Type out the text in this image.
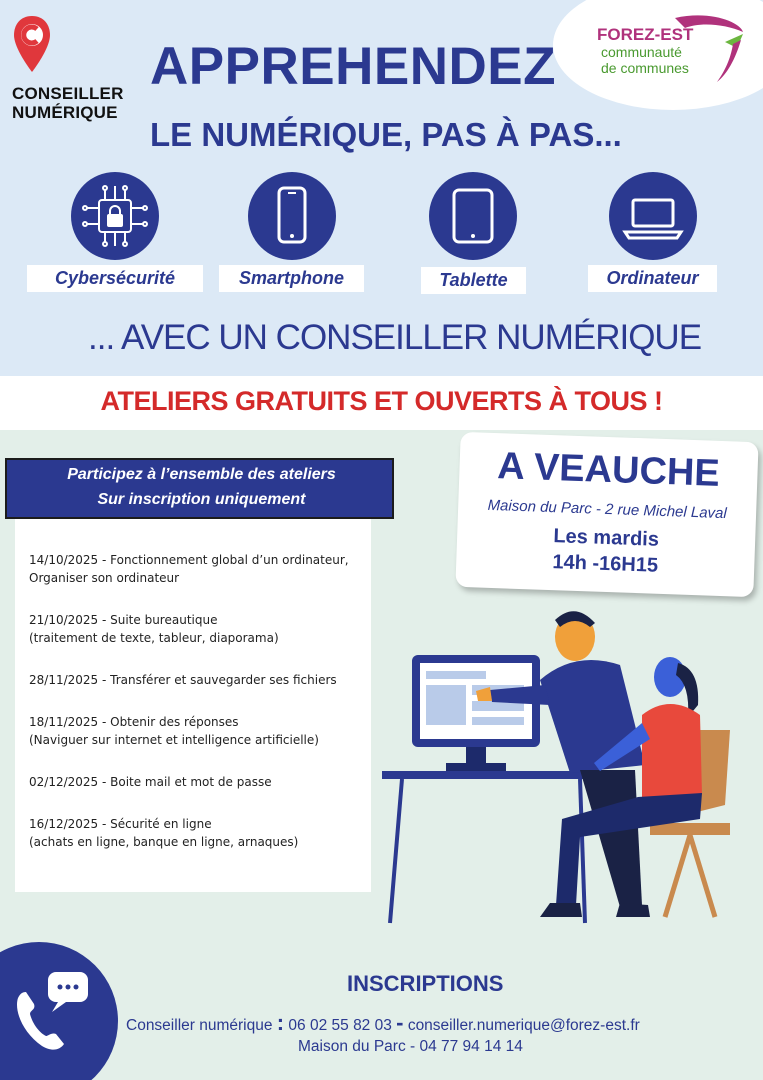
CONSEILLER
NUMÉRIQUE
FOREZ-EST
communauté
de communes
APPREHENDEZ
LE NUMÉRIQUE, PAS À PAS...
Cybersécurité	Smartphone	Tablette	Ordinateur
... AVEC UN CONSEILLER NUMÉRIQUE
ATELIERS GRATUITS ET OUVERTS À TOUS !
Participez à l’ensemble des ateliers
Sur inscription uniquement
14/10/2025 - Fonctionnement global d’un ordinateur,
Organiser son ordinateur
21/10/2025 - Suite bureautique
(traitement de texte, tableur, diaporama)
28/11/2025 - Transférer et sauvegarder ses fichiers
18/11/2025 - Obtenir des réponses
(Naviguer sur internet et intelligence artificielle)
02/12/2025 - Boite mail et mot de passe
16/12/2025 - Sécurité en ligne
(achats en ligne, banque en ligne, arnaques)
A VEAUCHE
Maison du Parc - 2 rue Michel Laval
Les mardis
14h -16H15
INSCRIPTIONS
Conseiller numérique : 06 02 55 82 03 - conseiller.numerique@forez-est.fr
Maison du Parc - 04 77 94 14 14
